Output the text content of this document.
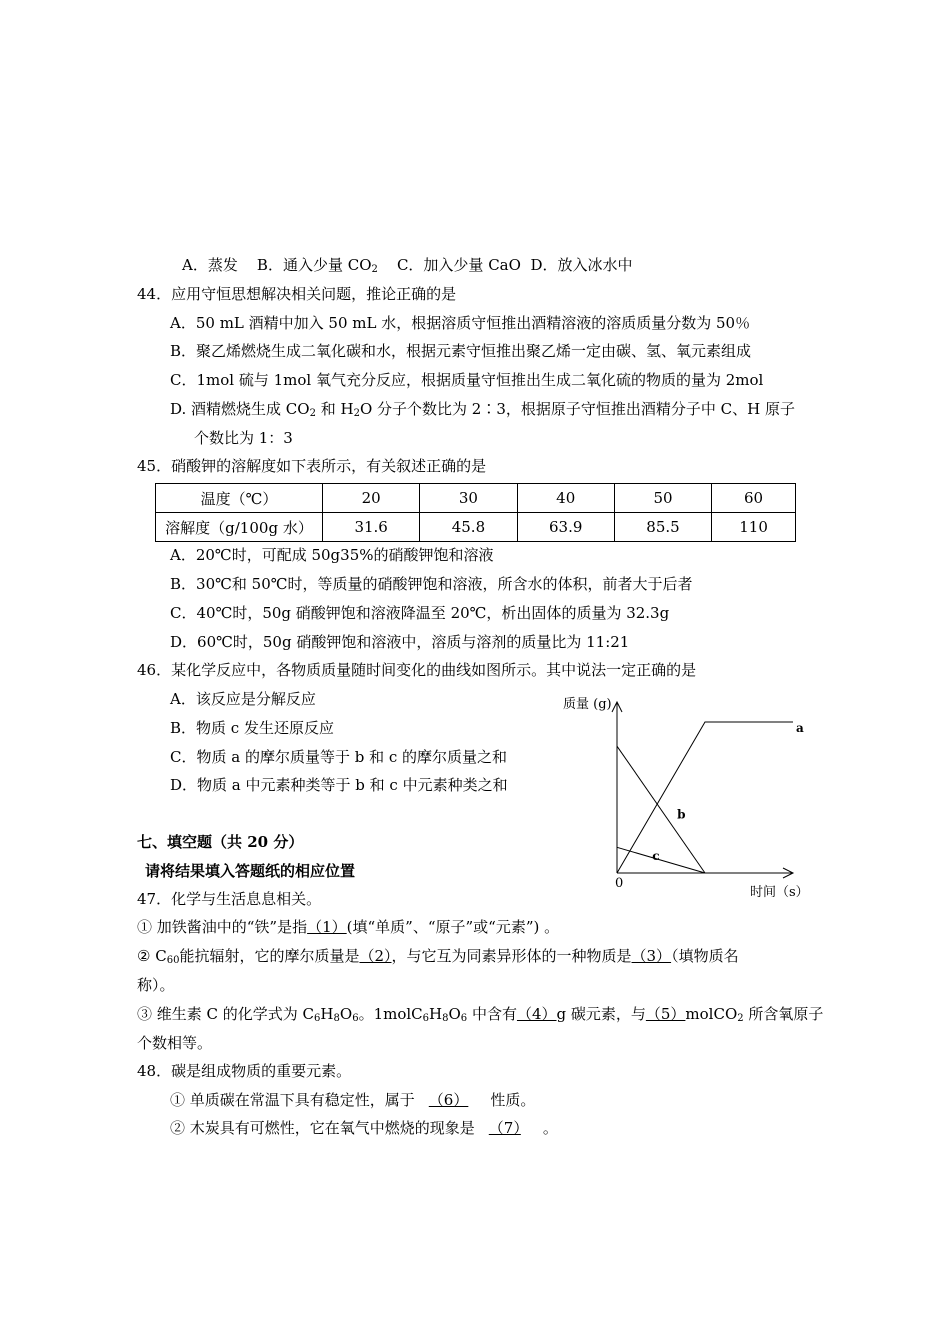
A．蒸发 B．通入少量 $CO_2$ C．加入少量 CaO D．放入冰水中
44．应用守恒思想解决相关问题，推论正确的是
A．50 mL 酒精中加入 50 mL 水，根据溶质守恒推出酒精溶液的溶质质量分数为 50％
B．聚乙烯燃烧生成二氧化碳和水，根据元素守恒推出聚乙烯一定由碳、氢、氧元素组成
C．1mol 硫与 1mol 氧气充分反应，根据质量守恒推出生成二氧化硫的物质的量为 2mol
D. 酒精燃烧生成 $CO_2$ 和 $H_2O$ 分子个数比为 2∶3，根据原子守恒推出酒精分子中 C、H 原子
个数比为 1：3
45．硝酸钾的溶解度如下表所示，有关叙述正确的是
温度（℃）	20	30	40	50	60
溶解度（g/100g 水）	31.6	45.8	63.9	85.5	110
A．20℃时，可配成 50g35%的硝酸钾饱和溶液
B．30℃和 50℃时，等质量的硝酸钾饱和溶液，所含水的体积，前者大于后者
C．40℃时，50g 硝酸钾饱和溶液降温至 20℃，析出固体的质量为 32.3g
D．60℃时，50g 硝酸钾饱和溶液中，溶质与溶剂的质量比为 11:21
46．某化学反应中，各物质质量随时间变化的曲线如图所示。其中说法一定正确的是
A．该反应是分解反应
B．物质 c 发生还原反应
C．物质 a 的摩尔质量等于 b 和 c 的摩尔质量之和
D．物质 a 中元素种类等于 b 和 c 中元素种类之和
质量 (g)
0
时间（s）
a
b
c
七、填空题（共 20 分）
请将结果填入答题纸的相应位置
47．化学与生活息息相关。
① 加铁酱油中的“铁”是指（1）(填“单质”、“原子”或“元素”) 。
② $C_{60}$能抗辐射，它的摩尔质量是（2），与它互为同素异形体的一种物质是（3）（填物质名
称）。
③ 维生素 C 的化学式为 $C_6H_8O_6$。$1molC_6H_8O_6$ 中含有（4）g 碳元素，与（5）molCO$_2$ 所含氧原子
个数相等。
48．碳是组成物质的重要元素。
① 单质碳在常温下具有稳定性，属于 （6） 性质。
② 木炭具有可燃性，它在氧气中燃烧的现象是 （7） 。
